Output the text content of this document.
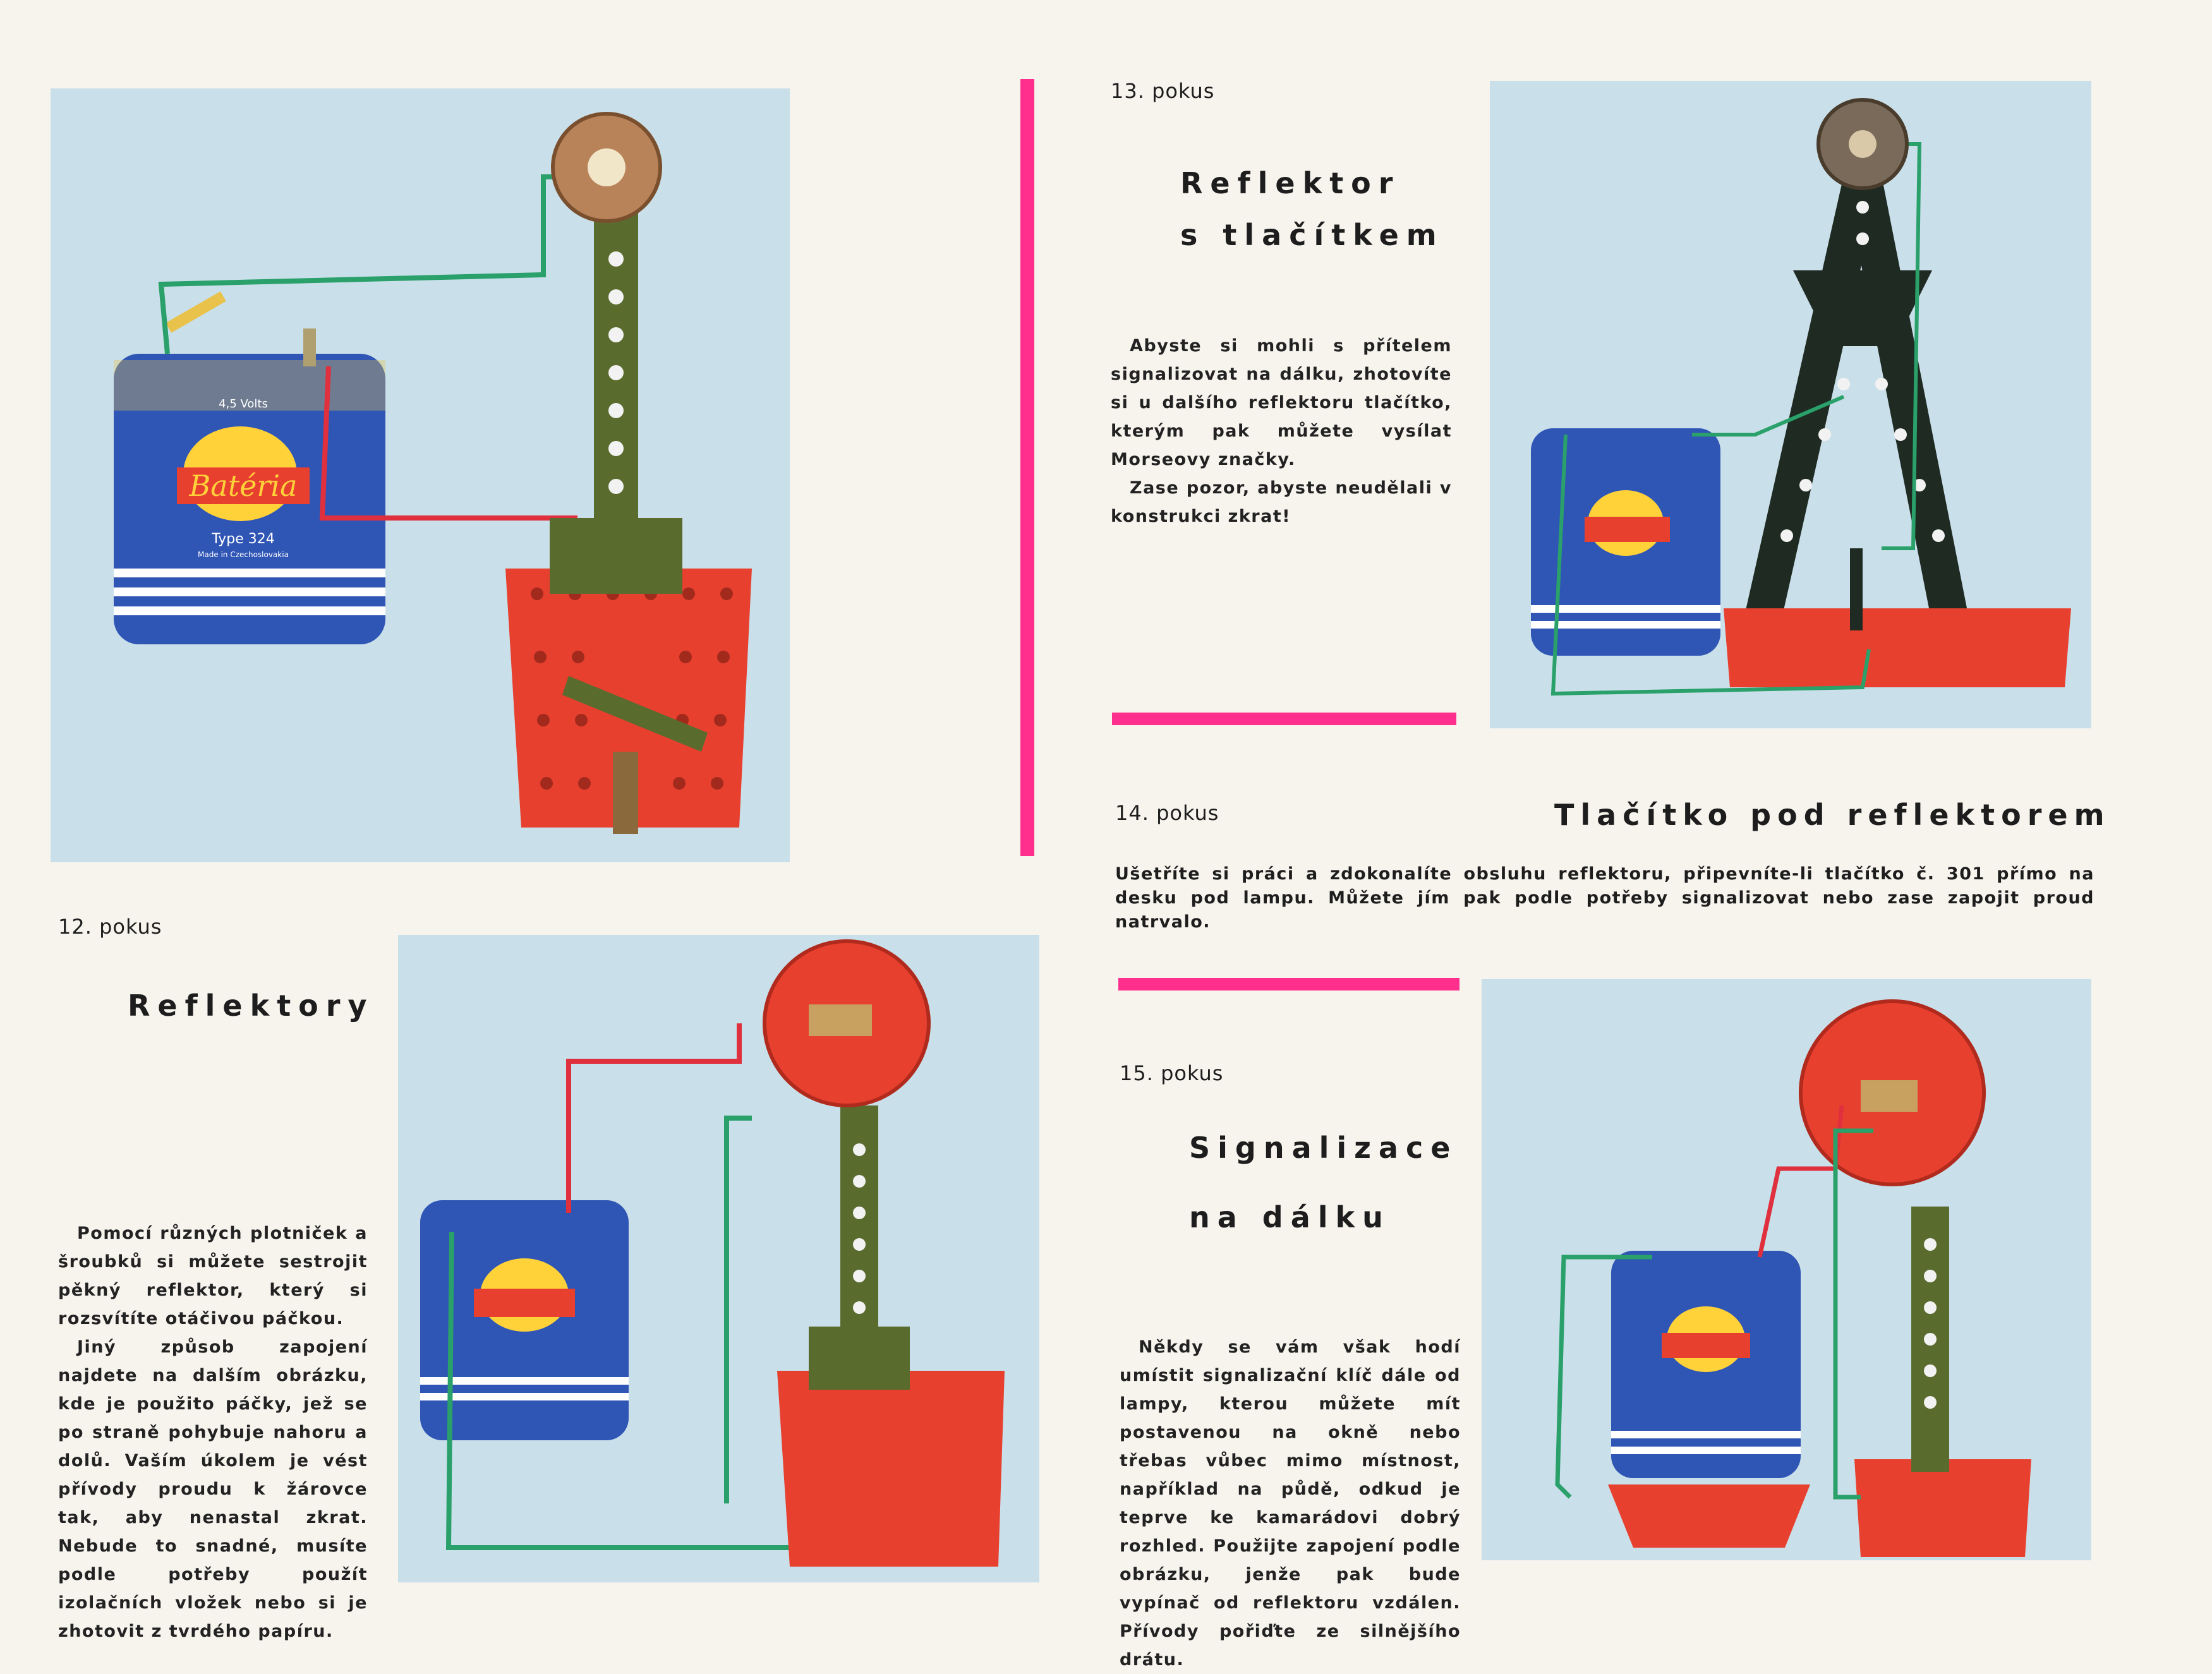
Batéria
4,5 Volts
Type 324
Made in Czechoslovakia
12. pokus
Reflektory

Pomocí různých plotniček a šroubků si můžete sestrojit pěkný reflektor, který si rozsvítíte otáčivou páčkou.

Jiný způsob zapojení najdete na dalším obrázku, kde je použito páčky, jež se po straně pohybuje nahoru a dolů. Vaším úkolem je vést přívody proudu k žárovce tak, aby nenastal zkrat. Nebude to snadné, musíte podle potřeby použít izolačních vložek nebo si je zhotovit z tvrdého papíru.

13. pokus
Reflektor
s tlačítkem

Abyste si mohli s přítelem signalizovat na dálku, zhotovíte si u dalšího reflektoru tlačítko, kterým pak můžete vysílat Morseovy značky.

Zase pozor, abyste neudělali v konstrukci zkrat!

14. pokus	Tlačítko pod reflektorem
Ušetříte si práci a zdokonalíte obsluhu reflektoru, připevníte-li tlačítko č. 301 přímo na desku pod lampu. Můžete jím pak podle potřeby signalizovat nebo zase zapojit proud natrvalo.
15. pokus
Signalizace
na dálku

Někdy se vám však hodí umístit signalizační klíč dále od lampy, kterou můžete mít postavenou na okně nebo třebas vůbec mimo místnost, například na půdě, odkud je teprve ke kamarádovi dobrý rozhled. Použijte zapojení podle obrázku, jenže pak bude vypínač od reflektoru vzdálen. Přívody pořiďte ze silnějšího drátu.
